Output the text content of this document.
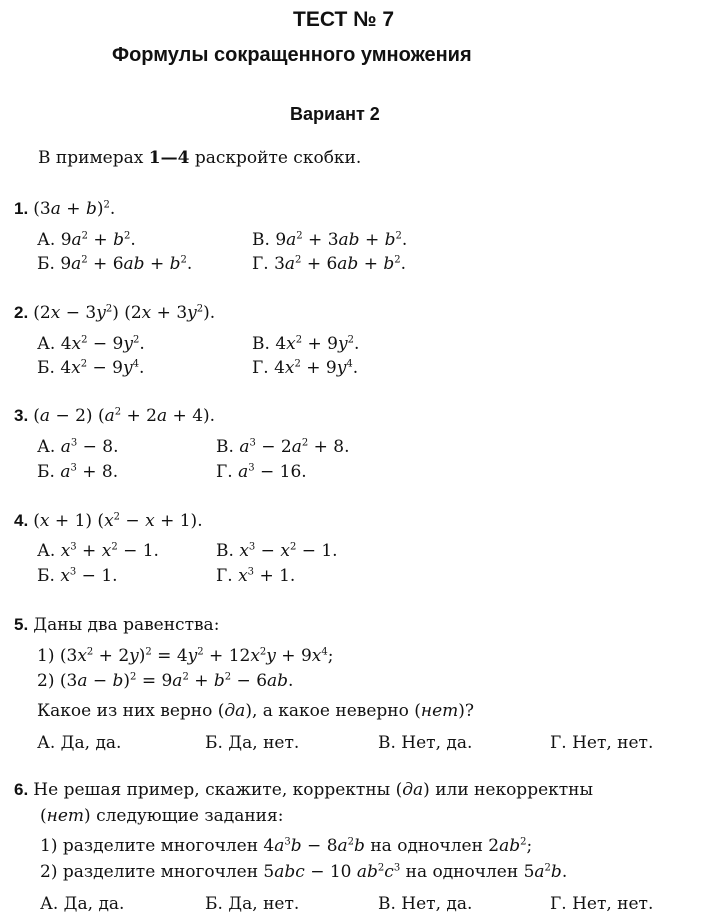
ТЕСТ № 7
Формулы сокращенного умножения
Вариант 2
В примерах 1—4 раскройте скобки.
1. $(3a + b)^2$.
А. $9a^2 + b^2$.	В. $9a^2 + 3ab + b^2$.
Б. $9a^2 + 6ab + b^2$.	Г. $3a^2 + 6ab + b^2$.
2. $(2x - 3y^2)$ $(2x + 3y^2)$.
А. $4x^2 - 9y^2$.	В. $4x^2 + 9y^2$.
Б. $4x^2 - 9y^4$.	Г. $4x^2 + 9y^4$.
3. (a − 2) $(a^2 + 2a + 4)$.
А. $a^3 - 8$.	В. $a^3 - 2a^2 + 8$.
Б. $a^3 + 8$.	Г. $a^3 - 16$.
4. (x + 1) $(x^2 - x + 1)$.
А. $x^3 + x^2 - 1$.	В. $x^3 - x^2 - 1$.
Б. $x^3 - 1$.	Г. $x^3 + 1$.
5. Даны два равенства:
1) $(3x^2 + 2y)^2 = 4y^2 + 12x^2y + 9x^4$;
2) $(3a - b)^2 = 9a^2 + b^2 - 6ab$.
Какое из них верно (да), а какое неверно (нет)?
А. Да, да.	Б. Да, нет.	В. Нет, да.	Г. Нет, нет.
6. Не решая пример, скажите, корректны (да) или некорректны
(нет) следующие задания:
1) разделите многочлен $4a^3b - 8a^2b$ на одночлен $2ab^2$;
2) разделите многочлен 5abc − 10 $ab^2c^3$ на одночлен $5a^2b$.
А. Да, да.	Б. Да, нет.	В. Нет, да.	Г. Нет, нет.
